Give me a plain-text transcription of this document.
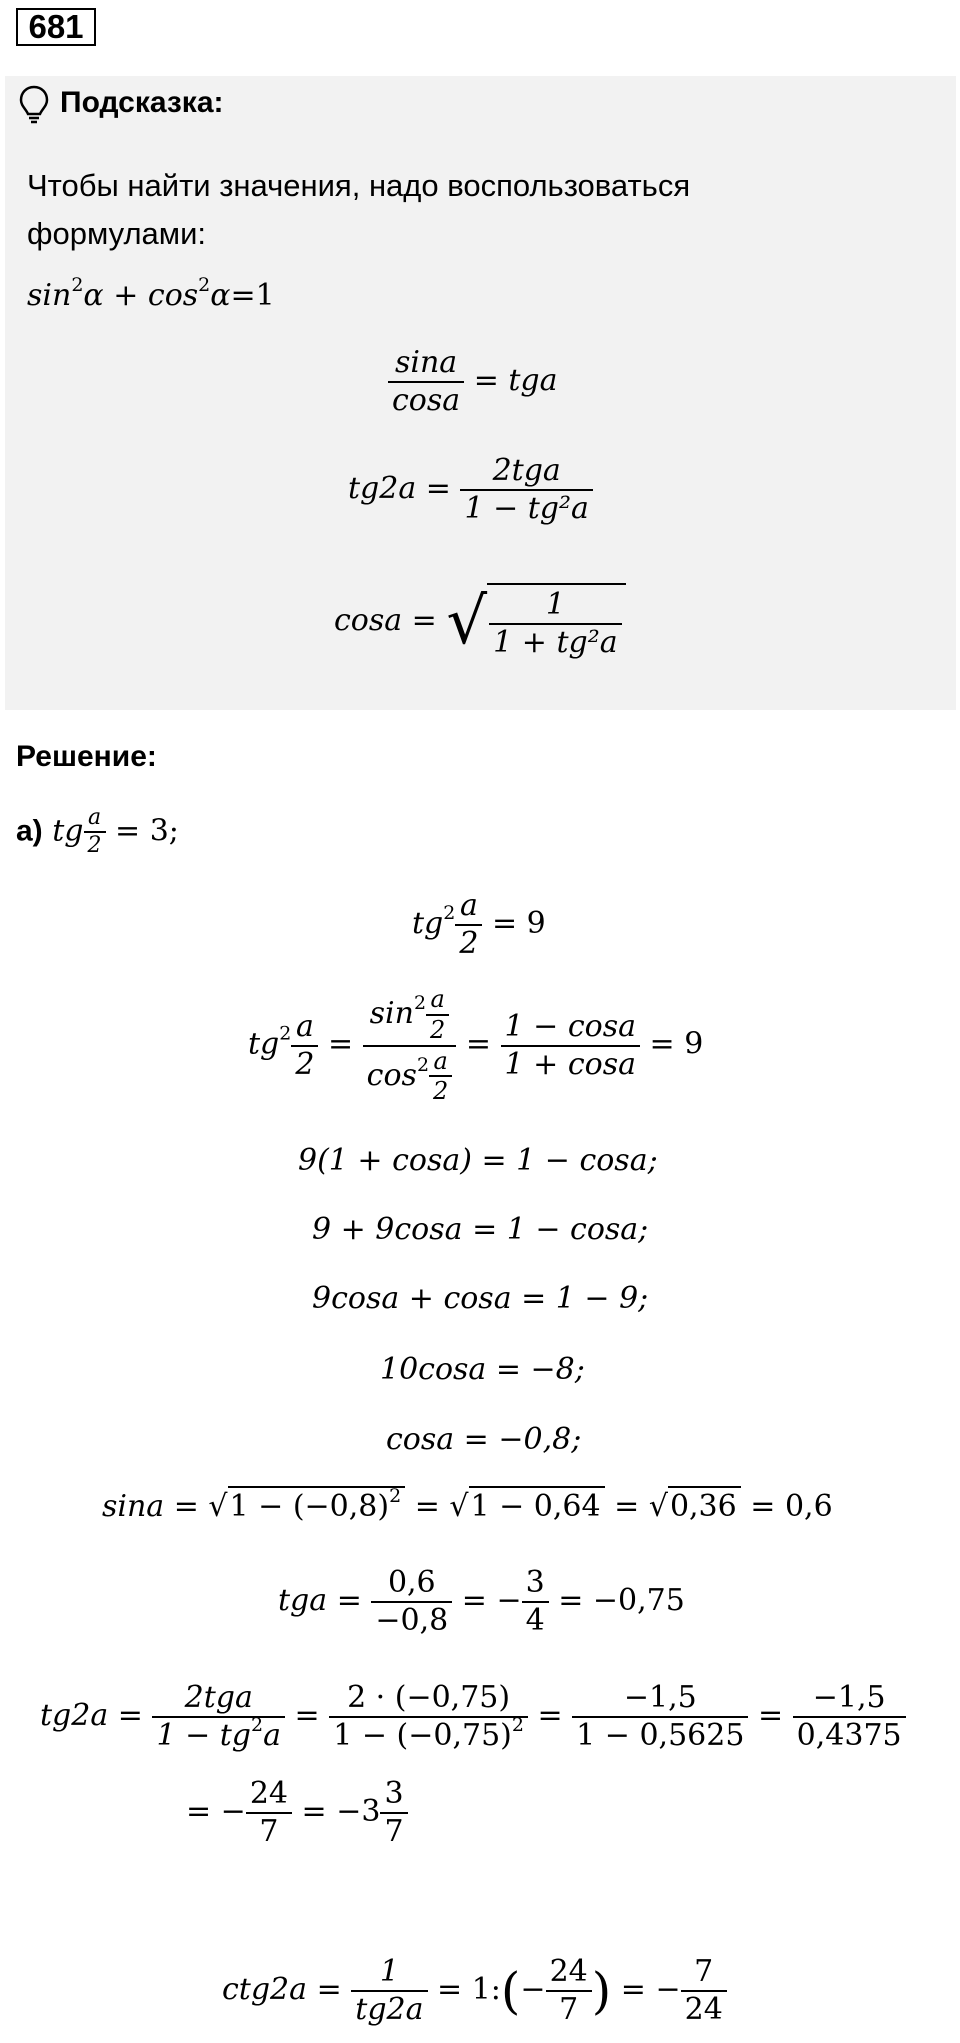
681
Подсказка:
Чтобы найти значения, надо воспользоваться формулами:
$\sin^2\alpha + \cos^2\alpha=1$
$\frac{\sin a}{\cos a}$ = tga
$tg2a = \frac{\text{2tga}}{\text{1 − tg²a}}$
cosa = √ $\frac{1}{\text{1 + tg²a}}$
Решение:
а) tg $\frac{a}{2} = 3$;
$tg^2 \frac{a}{2} = 9$
$tg^2 \frac{a}{2} = \frac{\sin^2 \frac{a}{2}}{\cos^2 \frac{a}{2}} = \frac{1 - \cos a}{1 + \cos a} = 9$
9(1 + cosa) = 1 − cosa;
9 + 9cosa = 1 − cosa;
9cosa + cosa = 1 − 9;
10cosa = −8;
cosa = −0,8;
$\sin a = √1 - (-0,8)^2 = √1 - 0,64 = √0,36 = 0,6$
tga = $\frac{0,6}{-0,8}$ = − $\frac{3}{4} = -0,75$
$tg2a = \frac{\text{2tga}}{1 - tg^2a} = \frac{2 \cdot (-0,75)}{1 - (-0,75)^2} = \frac{-1,5}{1 - 0,5625} = \frac{-1,5}{0,4375}$
= − $\frac{24}{7} = -3 \frac{3}{7}$
$ctg2a = \frac{1}{tg2a}$ = 1:(− $\frac{24}{7}$ ) = − $\frac{7}{24}$
